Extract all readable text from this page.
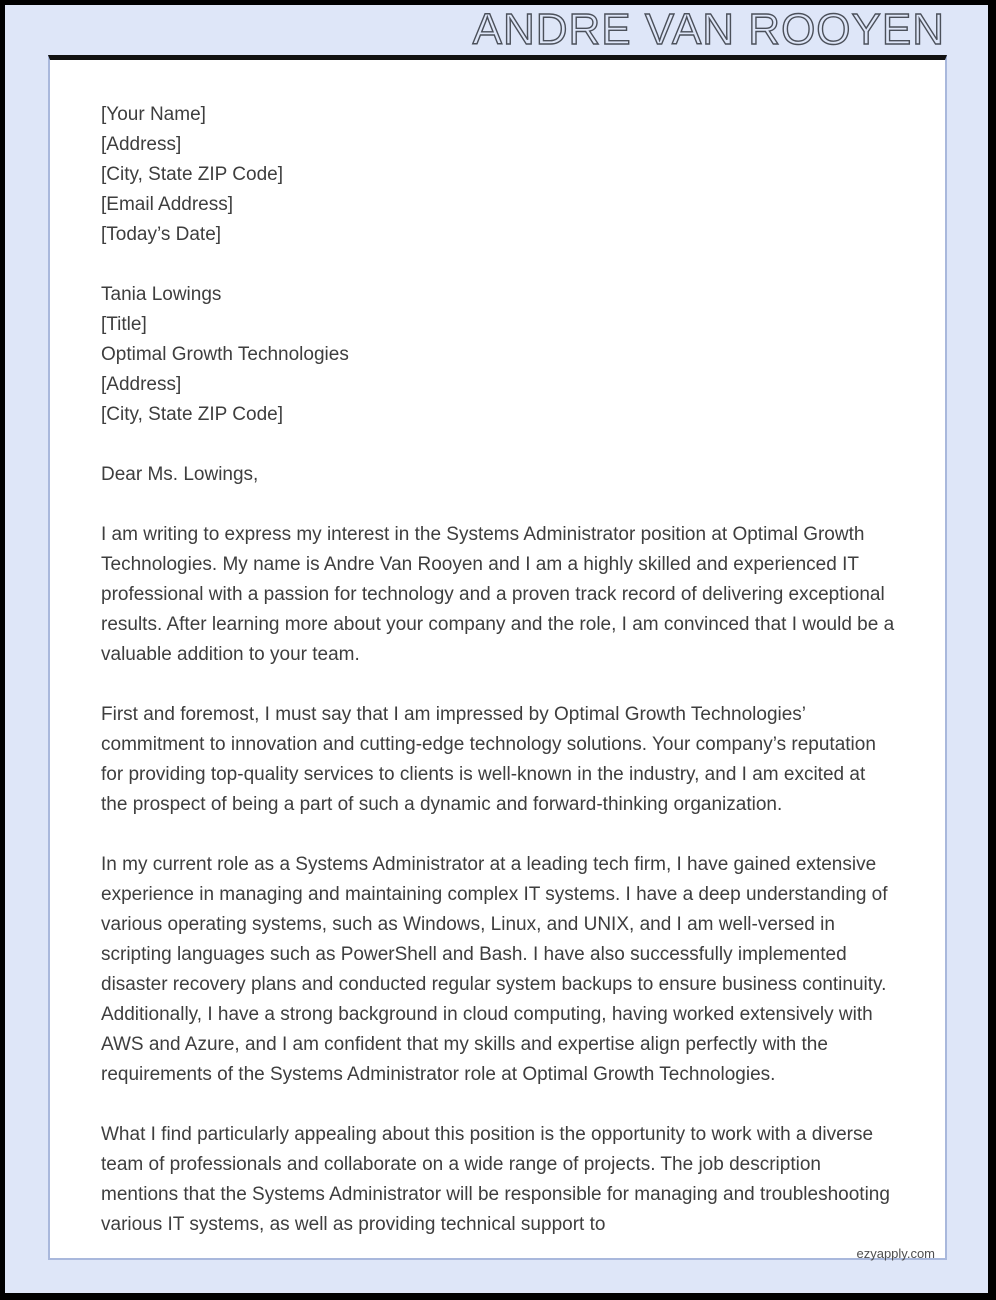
ANDRE VAN ROOYEN
[Your Name]
[Address]
[City, State ZIP Code]
[Email Address]
[Today’s Date]
Tania Lowings
[Title]
Optimal Growth Technologies
[Address]
[City, State ZIP Code]
Dear Ms. Lowings,

I am writing to express my interest in the Systems Administrator position at Optimal Growth Technologies. My name is Andre Van Rooyen and I am a highly skilled and experienced IT professional with a passion for technology and a proven track record of delivering exceptional results. After learning more about your company and the role, I am convinced that I would be a valuable addition to your team.

First and foremost, I must say that I am impressed by Optimal Growth Technologies’ commitment to innovation and cutting-edge technology solutions. Your company’s reputation for providing top-quality services to clients is well-known in the industry, and I am excited at the prospect of being a part of such a dynamic and forward-thinking organization.

In my current role as a Systems Administrator at a leading tech firm, I have gained extensive experience in managing and maintaining complex IT systems. I have a deep understanding of various operating systems, such as Windows, Linux, and UNIX, and I am well-versed in scripting languages such as PowerShell and Bash. I have also successfully implemented disaster recovery plans and conducted regular system backups to ensure business continuity. Additionally, I have a strong background in cloud computing, having worked extensively with AWS and Azure, and I am confident that my skills and expertise align perfectly with the requirements of the Systems Administrator role at Optimal Growth Technologies.

What I find particularly appealing about this position is the opportunity to work with a diverse team of professionals and collaborate on a wide range of projects. The job description mentions that the Systems Administrator will be responsible for managing and troubleshooting various IT systems, as well as providing technical support to

ezyapply.com
